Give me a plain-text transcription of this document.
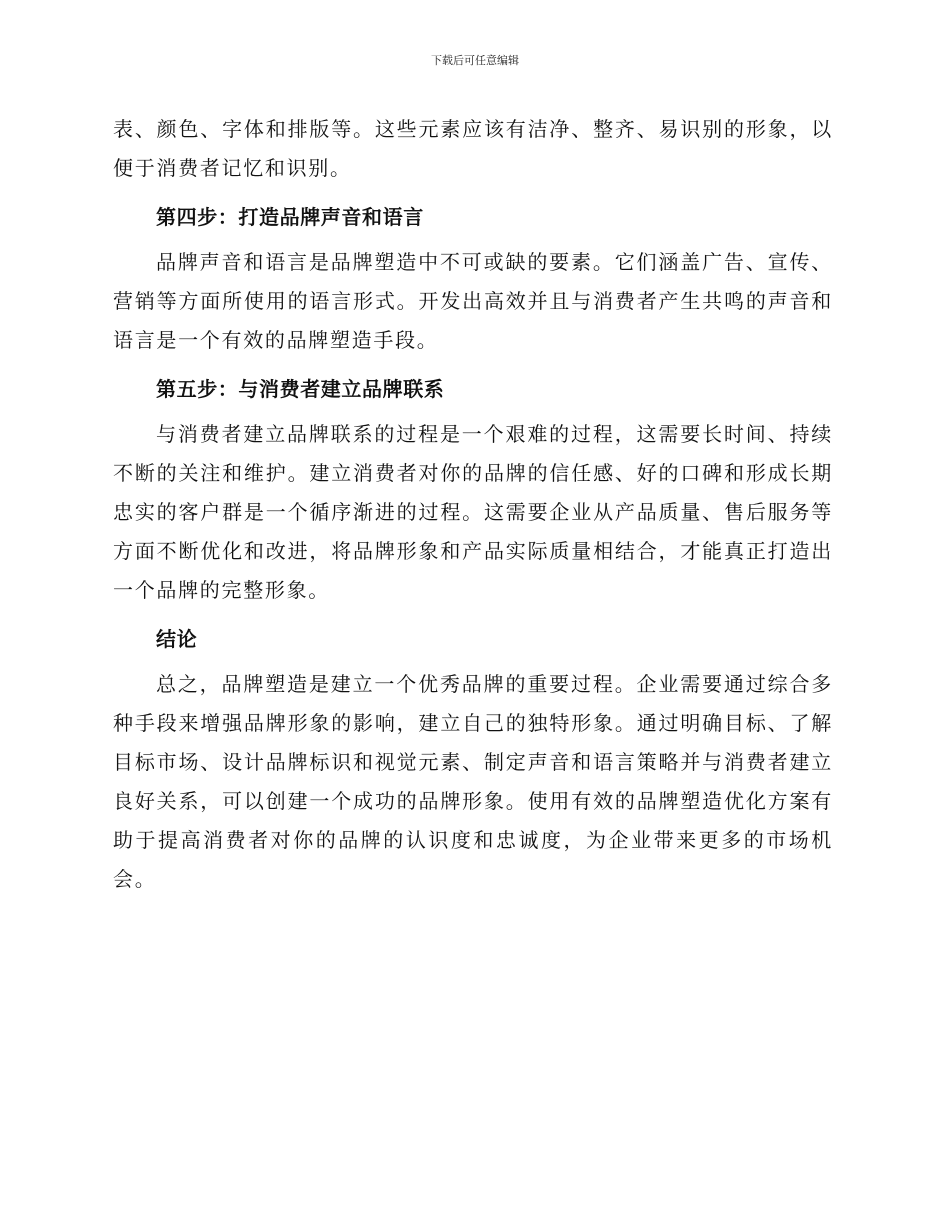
下载后可任意编辑

表、颜色、字体和排版等。这些元素应该有洁净、整齐、易识别的形象，以便于消费者记忆和识别。

第四步：打造品牌声音和语言

品牌声音和语言是品牌塑造中不可或缺的要素。它们涵盖广告、宣传、营销等方面所使用的语言形式。开发出高效并且与消费者产生共鸣的声音和语言是一个有效的品牌塑造手段。

第五步：与消费者建立品牌联系

与消费者建立品牌联系的过程是一个艰难的过程，这需要长时间、持续不断的关注和维护。建立消费者对你的品牌的信任感、好的口碑和形成长期忠实的客户群是一个循序渐进的过程。这需要企业从产品质量、售后服务等方面不断优化和改进，将品牌形象和产品实际质量相结合，才能真正打造出一个品牌的完整形象。

结论

总之，品牌塑造是建立一个优秀品牌的重要过程。企业需要通过综合多种手段来增强品牌形象的影响，建立自己的独特形象。通过明确目标、了解目标市场、设计品牌标识和视觉元素、制定声音和语言策略并与消费者建立良好关系，可以创建一个成功的品牌形象。使用有效的品牌塑造优化方案有助于提高消费者对你的品牌的认识度和忠诚度，为企业带来更多的市场机会。
